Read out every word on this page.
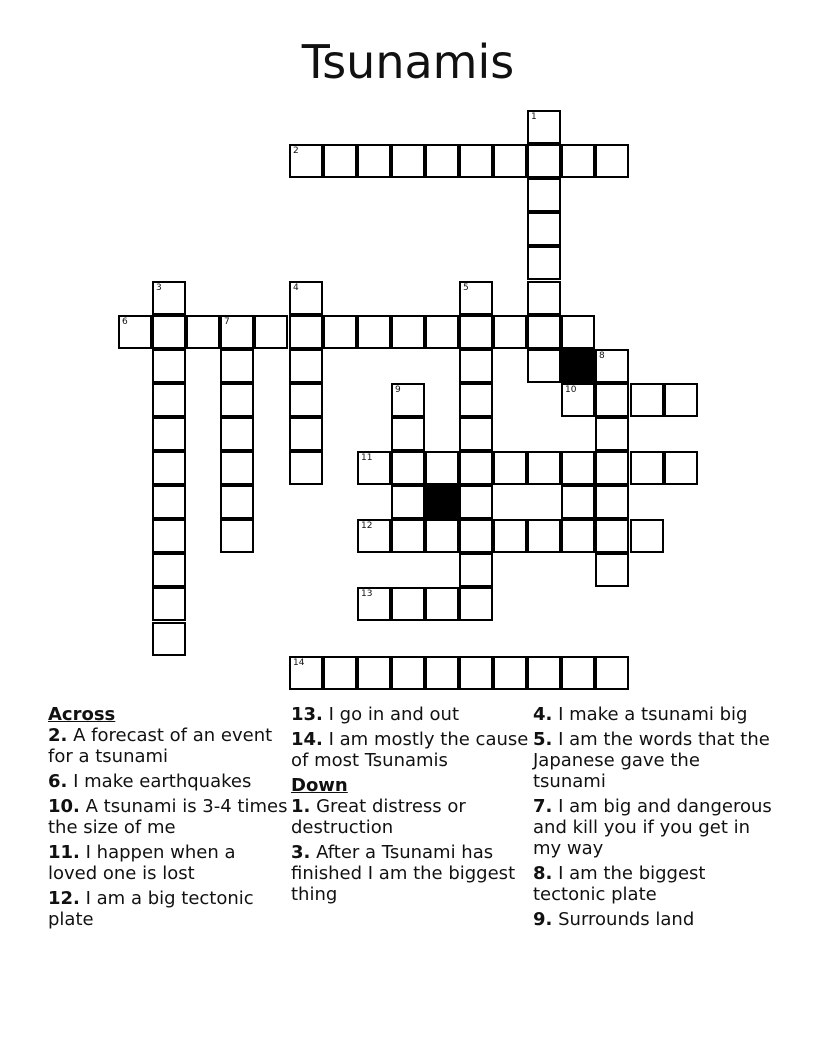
Tsunamis
1
2
3	4	5
6	7
8
9	10
11
12
13
14
Across
2. A forecast of an event for a tsunami
6. I make earthquakes
10. A tsunami is 3-4 times the size of me
11. I happen when a loved one is lost
12. I am a big tectonic plate
13. I go in and out
14. I am mostly the cause of most Tsunamis
Down
1. Great distress or destruction
3. After a Tsunami has finished I am the biggest thing
4. I make a tsunami big
5. I am the words that the Japanese gave the tsunami
7. I am big and dangerous and kill you if you get in my way
8. I am the biggest tectonic plate
9. Surrounds land
